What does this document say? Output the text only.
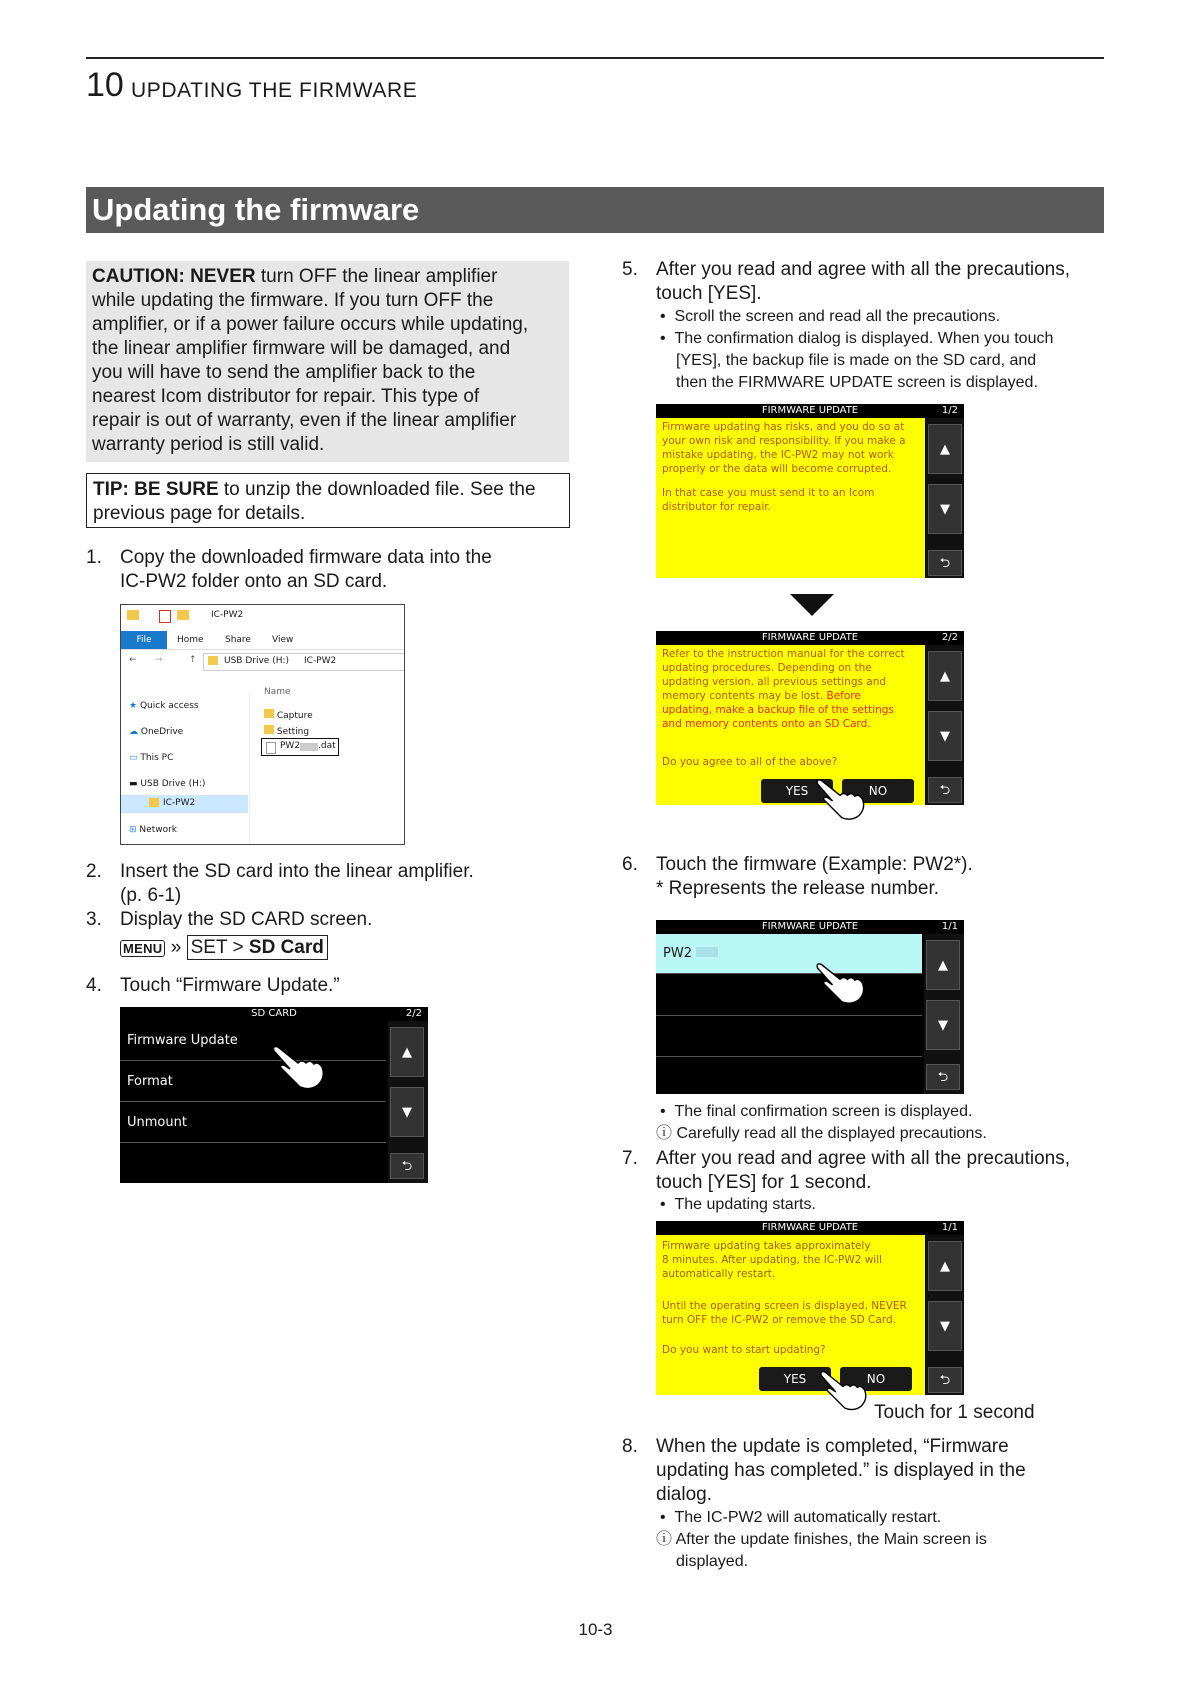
10 UPDATING THE FIRMWARE
Updating the firmware
CAUTION: NEVER turn OFF the linear amplifier
while updating the firmware. If you turn OFF the
amplifier, or if a power failure occurs while updating,
the linear amplifier firmware will be damaged, and
you will have to send the amplifier back to the
nearest Icom distributor for repair. This type of
repair is out of warranty, even if the linear amplifier
warranty period is still valid.
TIP: BE SURE to unzip the downloaded file. See the
previous page for details.
1. Copy the downloaded firmware data into the
IC-PW2 folder onto an SD card.
IC-PW2
File	Home Share View
← →	↑	USB Drive (H:) IC-PW2
Name
★ Quick access
☁ OneDrive
▭ This PC
▬ USB Drive (H:)
IC-PW2
⊞ Network
Capture
Setting
PW2 .dat
2. Insert the SD card into the linear amplifier.
(p. 6-1)
3. Display the SD CARD screen.
MENU » SET > SD Card
4. Touch “Firmware Update.”
SD CARD	2/2
Firmware Update
Format
Unmount
▲
▼
⮌
5. After you read and agree with all the precautions,
touch [YES].
•  Scroll the screen and read all the precautions.
•  The confirmation dialog is displayed. When you touch
[YES], the backup file is made on the SD card, and
then the FIRMWARE UPDATE screen is displayed.
FIRMWARE UPDATE	1/2
Firmware updating has risks, and you do so at
your own risk and responsibility. If you make a
mistake updating, the IC-PW2 may not work
properly or the data will become corrupted.
In that case you must send it to an Icom
distributor for repair.
▲
▼
⮌
FIRMWARE UPDATE	2/2
Refer to the instruction manual for the correct
updating procedures. Depending on the
updating version, all previous settings and
memory contents may be lost. Before
updating, make a backup file of the settings
and memory contents onto an SD Card.
Do you agree to all of the above?
YES	NO
▲
▼
⮌
6. Touch the firmware (Example: PW2*).
* Represents the release number.
FIRMWARE UPDATE	1/1
PW2
▲
▼
⮌
•  The final confirmation screen is displayed.
ⓘ Carefully read all the displayed precautions.
7. After you read and agree with all the precautions,
touch [YES] for 1 second.
•  The updating starts.
FIRMWARE UPDATE	1/1
Firmware updating takes approximately
8 minutes. After updating, the IC-PW2 will
automatically restart.
Until the operating screen is displayed, NEVER
turn OFF the IC-PW2 or remove the SD Card.
Do you want to start updating?
YES	NO
▲
▼
⮌
Touch for 1 second
8. When the update is completed, “Firmware
updating has completed.” is displayed in the
dialog.
•  The IC-PW2 will automatically restart.
ⓘ After the update finishes, the Main screen is
displayed.
10-3
